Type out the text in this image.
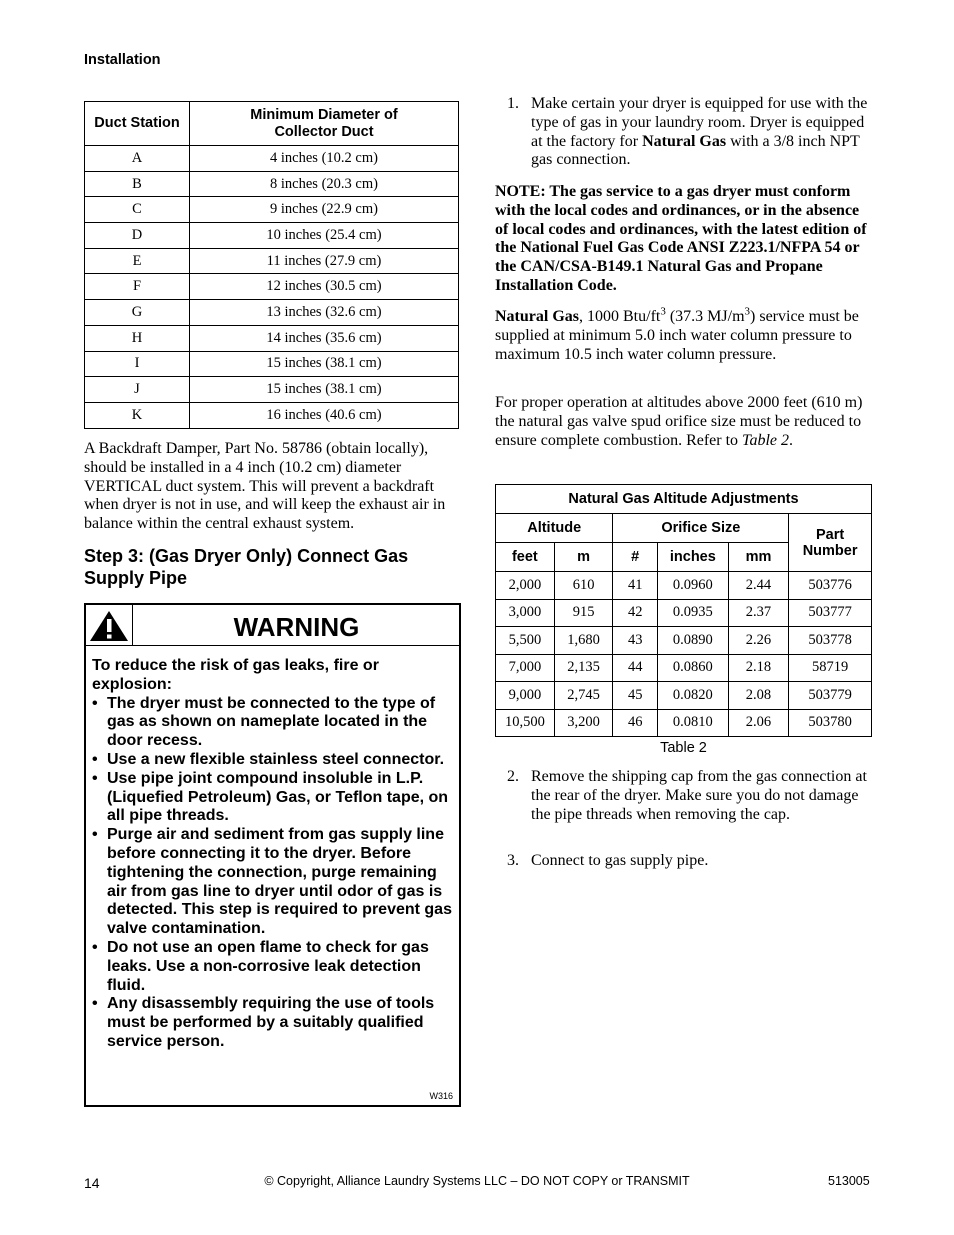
Installation
Duct Station	Minimum Diameter of Collector Duct

A	4 inches (10.2 cm)
B	8 inches (20.3 cm)
C	9 inches (22.9 cm)
D	10 inches (25.4 cm)
E	11 inches (27.9 cm)
F	12 inches (30.5 cm)
G	13 inches (32.6 cm)
H	14 inches (35.6 cm)
I	15 inches (38.1 cm)
J	15 inches (38.1 cm)
K	16 inches (40.6 cm)

A Backdraft Damper, Part No. 58786 (obtain locally), should be installed in a 4 inch (10.2 cm) diameter VERTICAL duct system. This will prevent a backdraft when dryer is not in use, and will keep the exhaust air in balance within the central exhaust system.

Step 3: (Gas Dryer Only) Connect Gas Supply Pipe
WARNING
To reduce the risk of gas leaks, fire or explosion:
• The dryer must be connected to the type of gas as shown on nameplate located in the door recess.
• Use a new flexible stainless steel connector.
• Use pipe joint compound insoluble in L.P. (Liquefied Petroleum) Gas, or Teflon tape, on all pipe threads.
• Purge air and sediment from gas supply line before connecting it to the dryer. Before tightening the connection, purge remaining air from gas line to dryer until odor of gas is detected. This step is required to prevent gas valve contamination.
• Do not use an open flame to check for gas leaks. Use a non-corrosive leak detection fluid.
• Any disassembly requiring the use of tools must be performed by a suitably qualified service person.
W316
1. Make certain your dryer is equipped for use with the type of gas in your laundry room. Dryer is equipped at the factory for Natural Gas with a 3/8 inch NPT gas connection.
NOTE: The gas service to a gas dryer must conform with the local codes and ordinances, or in the absence of local codes and ordinances, with the latest edition of the National Fuel Gas Code ANSI Z223.1/NFPA 54 or the CAN/CSA-B149.1 Natural Gas and Propane Installation Code.

Natural Gas, 1000 Btu/$ft^3$ (37.3 $MJ/m^3$) service must be supplied at minimum 5.0 inch water column pressure to maximum 10.5 inch water column pressure.

For proper operation at altitudes above 2000 feet (610 m) the natural gas valve spud orifice size must be reduced to ensure complete combustion. Refer to Table 2.

Natural Gas Altitude Adjustments					
Altitude		Orifice Size			Part Number

feet	m	#	inches	mm	
2,000	610	41	0.0960	2.44	503776
3,000	915	42	0.0935	2.37	503777
5,500	1,680	43	0.0890	2.26	503778
7,000	2,135	44	0.0860	2.18	58719
9,000	2,745	45	0.0820	2.08	503779
10,500	3,200	46	0.0810	2.06	503780
Table 2
2. Remove the shipping cap from the gas connection at the rear of the dryer. Make sure you do not damage the pipe threads when removing the cap.
3. Connect to gas supply pipe.
14	© Copyright, Alliance Laundry Systems LLC – DO NOT COPY or TRANSMIT	513005
